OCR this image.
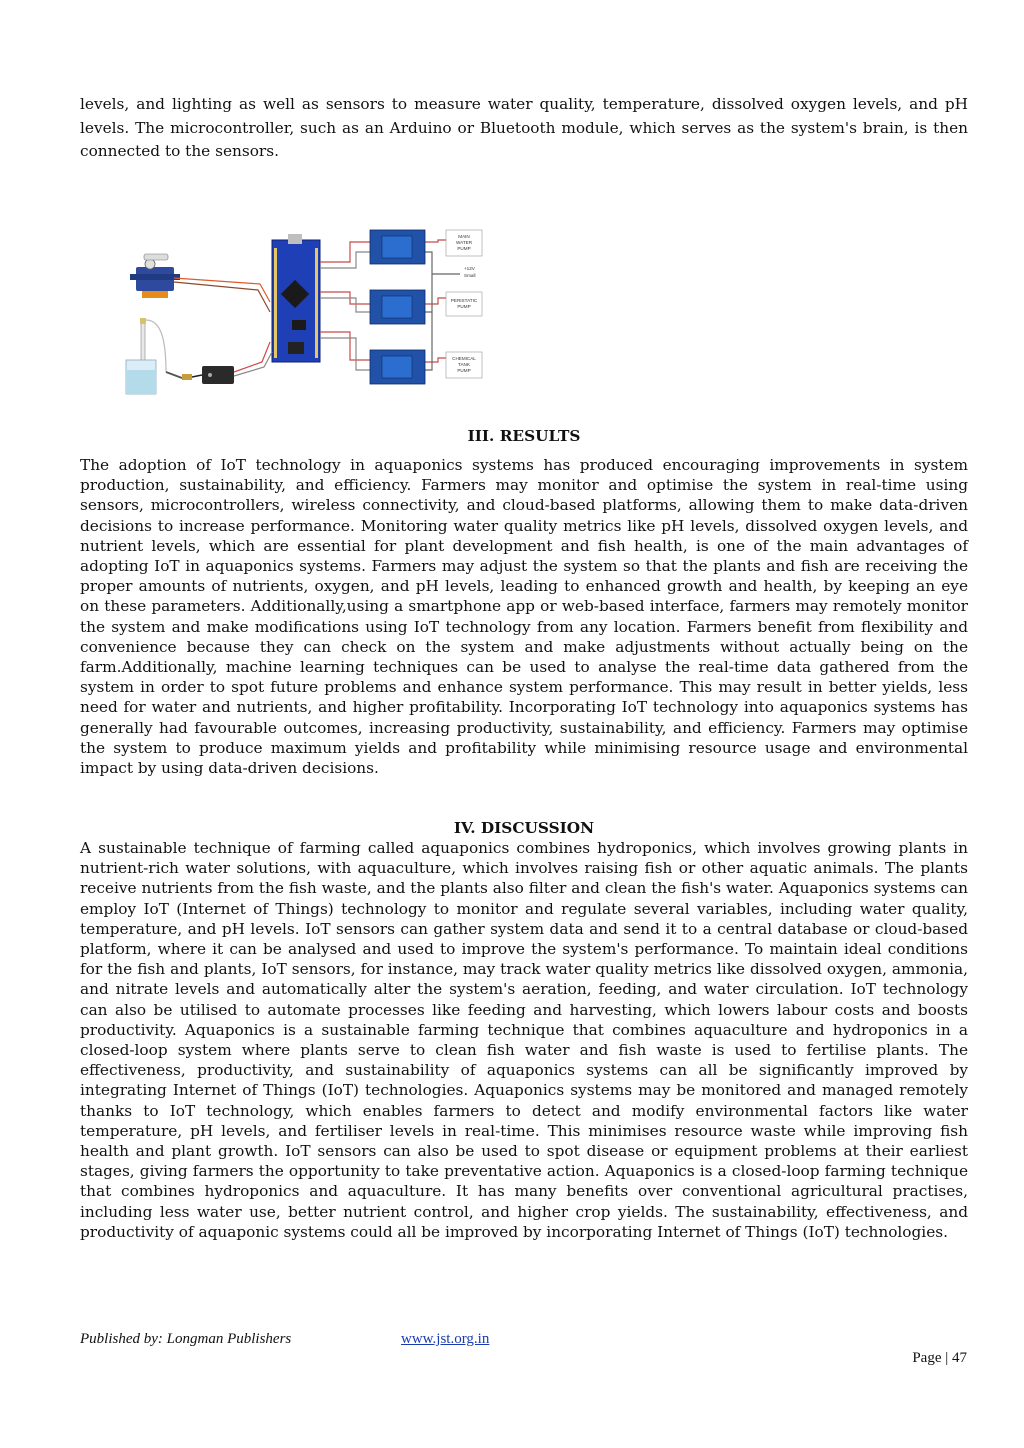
levels, and lighting as well as sensors to measure water quality, temperature, dissolved oxygen levels, and pH levels. The microcontroller, such as an Arduino or Bluetooth module, which serves as the system's brain, is then connected to the sensors.

MAIN
WATER
PUMP
+12V
Small
PERISTATIC
PUMP
CHEMICAL
TANK
PUMP
III. RESULTS

The adoption of IoT technology in aquaponics systems has produced encouraging improvements in system production, sustainability, and efficiency. Farmers may monitor and optimise the system in real-time using sensors, microcontrollers, wireless connectivity, and cloud-based platforms, allowing them to make data-driven decisions to increase performance. Monitoring water quality metrics like pH levels, dissolved oxygen levels, and nutrient levels, which are essential for plant development and fish health, is one of the main advantages of adopting IoT in aquaponics systems. Farmers may adjust the system so that the plants and fish are receiving the proper amounts of nutrients, oxygen, and pH levels, leading to enhanced growth and health, by keeping an eye on these parameters. Additionally,using a smartphone app or web-based interface, farmers may remotely monitor the system and make modifications using IoT technology from any location. Farmers benefit from flexibility and convenience because they can check on the system and make adjustments without actually being on the farm.Additionally, machine learning techniques can be used to analyse the real-time data gathered from the system in order to spot future problems and enhance system performance. This may result in better yields, less need for water and nutrients, and higher profitability. Incorporating IoT technology into aquaponics systems has generally had favourable outcomes, increasing productivity, sustainability, and efficiency. Farmers may optimise the system to produce maximum yields and profitability while minimising resource usage and environmental impact by using data-driven decisions.

IV. DISCUSSION

A sustainable technique of farming called aquaponics combines hydroponics, which involves growing plants in nutrient-rich water solutions, with aquaculture, which involves raising fish or other aquatic animals. The plants receive nutrients from the fish waste, and the plants also filter and clean the fish's water. Aquaponics systems can employ IoT (Internet of Things) technology to monitor and regulate several variables, including water quality, temperature, and pH levels. IoT sensors can gather system data and send it to a central database or cloud-based platform, where it can be analysed and used to improve the system's performance. To maintain ideal conditions for the fish and plants, IoT sensors, for instance, may track water quality metrics like dissolved oxygen, ammonia, and nitrate levels and automatically alter the system's aeration, feeding, and water circulation. IoT technology can also be utilised to automate processes like feeding and harvesting, which lowers labour costs and boosts productivity. Aquaponics is a sustainable farming technique that combines aquaculture and hydroponics in a closed-loop system where plants serve to clean fish water and fish waste is used to fertilise plants. The effectiveness, productivity, and sustainability of aquaponics systems can all be significantly improved by integrating Internet of Things (IoT) technologies. Aquaponics systems may be monitored and managed remotely thanks to IoT technology, which enables farmers to detect and modify environmental factors like water temperature, pH levels, and fertiliser levels in real-time. This minimises resource waste while improving fish health and plant growth. IoT sensors can also be used to spot disease or equipment problems at their earliest stages, giving farmers the opportunity to take preventative action. Aquaponics is a closed-loop farming technique that combines hydroponics and aquaculture. It has many benefits over conventional agricultural practises, including less water use, better nutrient control, and higher crop yields. The sustainability, effectiveness, and productivity of aquaponic systems could all be improved by incorporating Internet of Things (IoT) technologies.

Published by: Longman Publishers	www.jst.org.in
Page | 47
